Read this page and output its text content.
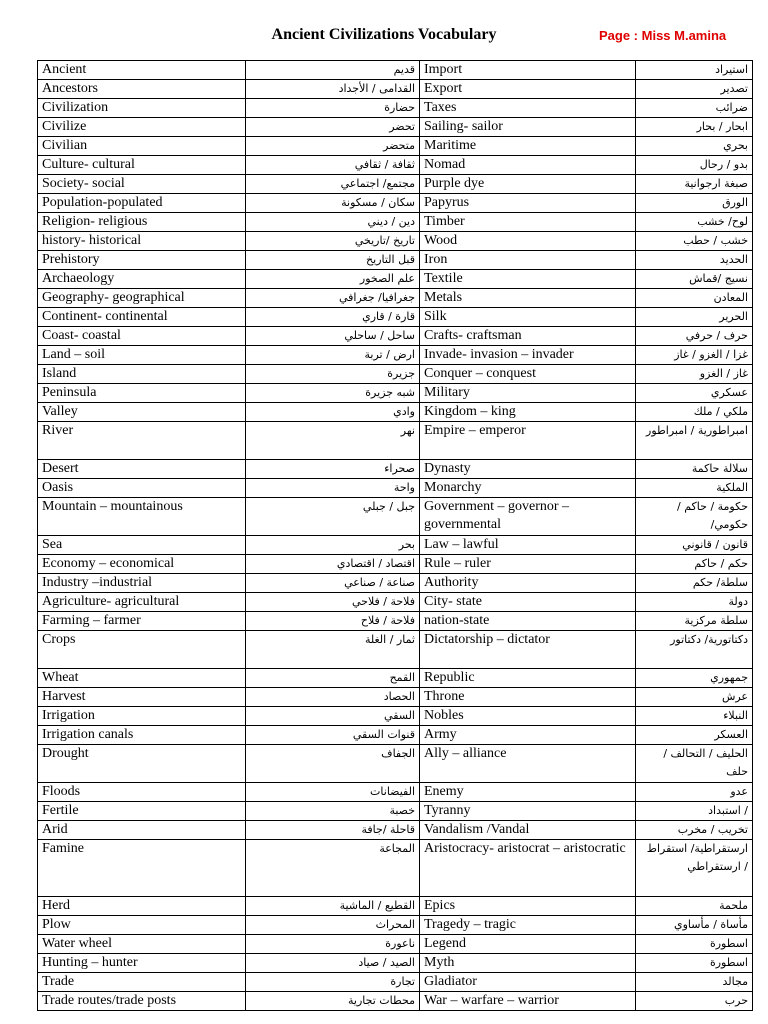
Ancient Civilizations Vocabulary	Page : Miss M.amina
Ancient	قديم	Import	استيراد
Ancestors	القدامى / الأجداد	Export	تصدير
Civilization	حضارة	Taxes	ضرائب
Civilize	تحضر	Sailing- sailor	ابحار / بحار
Civilian	متحضر	Maritime	بحري
Culture- cultural	ثقافة / ثقافي	Nomad	بدو / رحال
Society- social	مجتمع/ اجتماعي	Purple dye	صبغة ارجوانية
Population-populated	سكان / مسكونة	Papyrus	الورق
Religion- religious	دين / ديني	Timber	لوح/ خشب
history- historical	تاريخ /تاريخي	Wood	خشب / حطب
Prehistory	قبل التاريخ	Iron	الحديد
Archaeology	علم الصخور	Textile	نسيج /قماش
Geography- geographical	جغرافيا/ جغرافي	Metals	المعادن
Continent- continental	قارة / قاري	Silk	الحرير
Coast- coastal	ساحل / ساحلي	Crafts- craftsman	حرف / حرفي
Land – soil	ارض / تربة	Invade- invasion – invader	غزا / الغزو / غاز
Island	جزيرة	Conquer – conquest	غاز / الغزو
Peninsula	شبه جزيرة	Military	عسكري
Valley	وادي	Kingdom – king	ملكي / ملك
River	نهر	Empire – emperor	امبراطورية / امبراطور
Desert	صحراء	Dynasty	سلالة حاكمة
Oasis	واحة	Monarchy	الملكية
Mountain – mountainous	جبل / جبلي	Government – governor – governmental	حكومة / حاكم / حكومي/
Sea	بحر	Law – lawful	قانون / قانوني
Economy – economical	اقتصاد / اقتصادي	Rule – ruler	حكم / حاكم
Industry –industrial	صناعة / صناعي	Authority	سلطة/ حكم
Agriculture- agricultural	فلاحة / فلاحي	City- state	دولة
Farming – farmer	فلاحة / فلاح	nation-state	سلطة مركزية
Crops	ثمار / الغلة	Dictatorship – dictator	دكتاتورية/ دكتاتور
Wheat	القمح	Republic	جمهوري
Harvest	الحصاد	Throne	عرش
Irrigation	السقي	Nobles	النبلاء
Irrigation canals	قنوات السقي	Army	العسكر
Drought	الجفاف	Ally – alliance	الحليف / التحالف / حلف
Floods	الفيضانات	Enemy	عدو
Fertile	خصبة	Tyranny	/ استبداد
Arid	قاحلة /جافة	Vandalism /Vandal	تخريب / مخرب
Famine	المجاعة	Aristocracy- aristocrat – aristocratic	ارستقراطية/ استقراط / ارستقراطي
Herd	القطيع / الماشية	Epics	ملحمة
Plow	المحراث	Tragedy – tragic	مأساة / مأساوي
Water wheel	ناعورة	Legend	اسطورة
Hunting – hunter	الصيد / صياد	Myth	اسطورة
Trade	تجارة	Gladiator	مجالد
Trade routes/trade posts	محطات تجارية	War – warfare – warrior	حرب
